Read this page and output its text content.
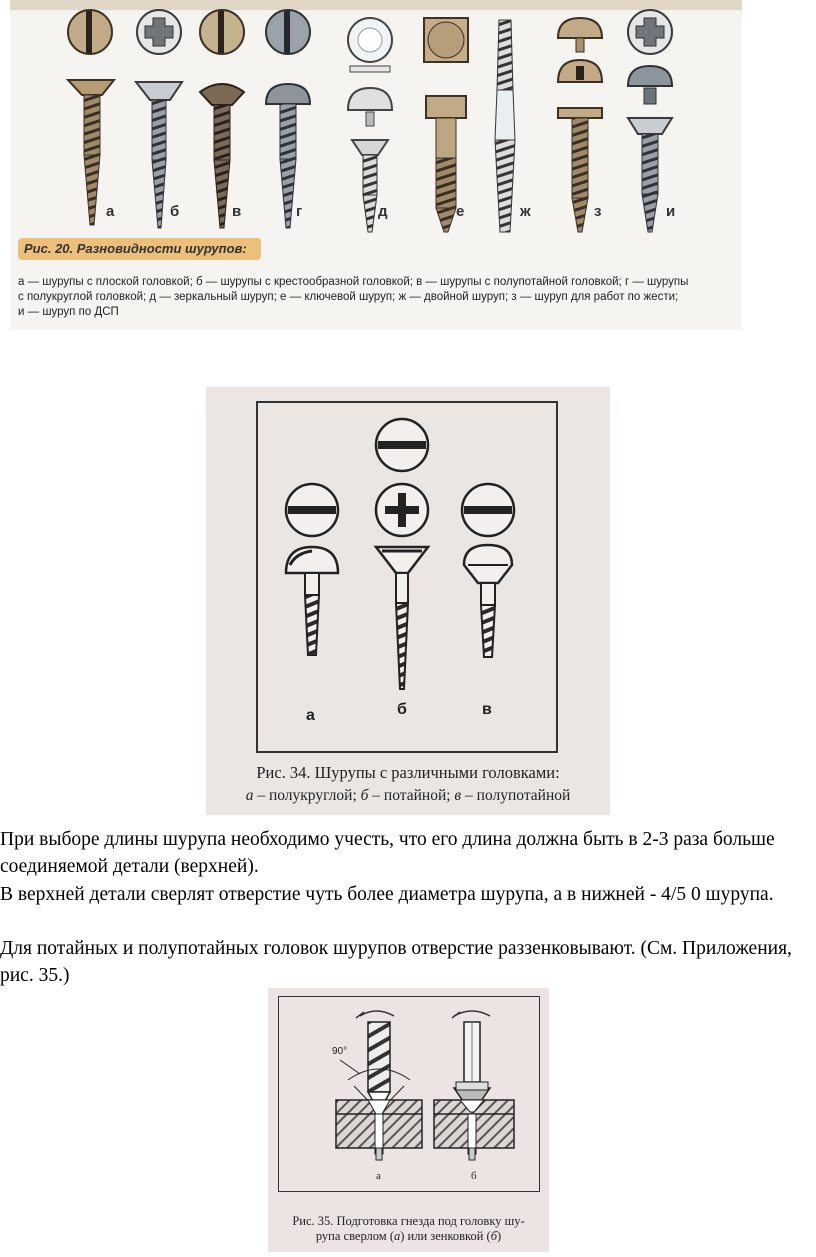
а	б	в	г	д	е	ж	з	и
Рис. 20. Разновидности шурупов:
а — шурупы с плоской головкой; б — шурупы с крестообразной головкой; в — шурупы с полупотайной головкой; г — шурупы
с полукруглой головкой; д — зеркальный шуруп; е — ключевой шуруп; ж — двойной шуруп; з — шуруп для работ по жести;
и — шуруп по ДСП
а	б	в
Рис. 34. Шурупы с различными головками:
а – полукруглой; б – потайной; в – полупотайной
При выборе длины шурупа необходимо учесть, что его длина должна быть в 2-3 раза больше соединяемой детали (верхней).
В верхней детали сверлят отверстие чуть более диаметра шурупа, а в нижней - 4/5 0 шурупа.
Для потайных и полупотайных головок шурупов отверстие раззенковывают. (См. Приложения, рис. 35.)
90°
а	б
Рис. 35. Подготовка гнезда под головку шу-
рупа сверлом (а) или зенковкой (б)
